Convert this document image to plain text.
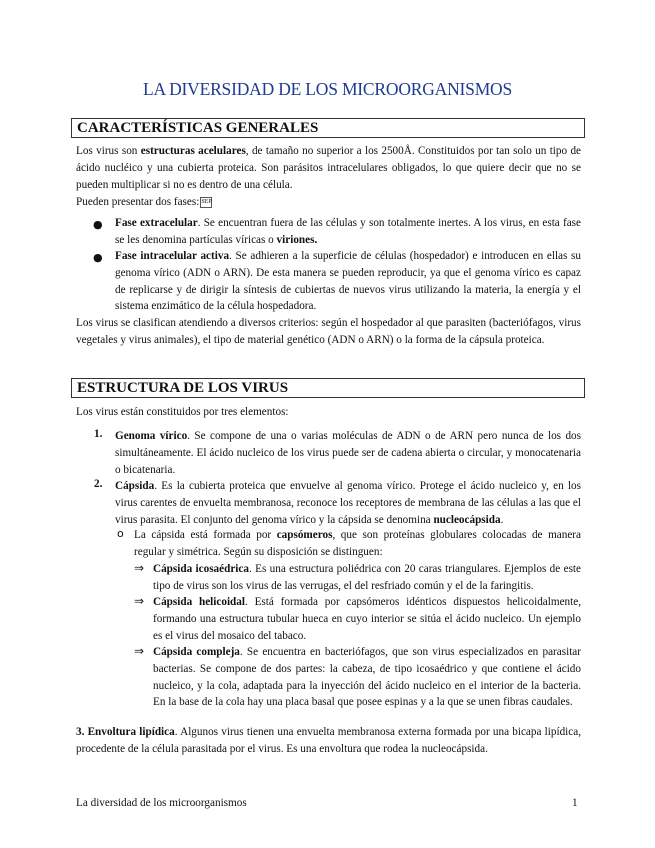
LA DIVERSIDAD DE LOS MICROORGANISMOS
CARACTERÍSTICAS GENERALES
Los virus son estructuras acelulares, de tamaño no superior a los 2500Å. Constituidos por tan solo un tipo de ácido nucléico y una cubierta proteica. Son parásitos intracelulares obligados, lo que quiere decir que no se pueden multiplicar si no es dentro de una célula.
Pueden presentar dos fases: SEP
● Fase extracelular. Se encuentran fuera de las células y son totalmente inertes. A los virus, en esta fase se les denomina partículas víricas o viriones.
● Fase intracelular activa. Se adhieren a la superficie de células (hospedador) e introducen en ellas su genoma vírico (ADN o ARN). De esta manera se pueden reproducir, ya que el genoma vírico es capaz de replicarse y de dirigir la síntesis de cubiertas de nuevos virus utilizando la materia, la energía y el sistema enzimático de la célula hospedadora.
Los virus se clasifican atendiendo a diversos criterios: según el hospedador al que parasiten (bacteriófagos, virus vegetales y virus animales), el tipo de material genético (ADN o ARN) o la forma de la cápsula proteica.
ESTRUCTURA DE LOS VIRUS
Los virus están constituidos por tres elementos:
1. Genoma vírico. Se compone de una o varias moléculas de ADN o de ARN pero nunca de los dos simultáneamente. El ácido nucleico de los virus puede ser de cadena abierta o circular, y monocatenaria o bicatenaria.
2. Cápsida. Es la cubierta proteica que envuelve al genoma vírico. Protege el ácido nucleico y, en los virus carentes de envuelta membranosa, reconoce los receptores de membrana de las células a las que el virus parasita. El conjunto del genoma vírico y la cápsida se denomina nucleocápsida.
o La cápsida está formada por capsómeros, que son proteínas globulares colocadas de manera regular y simétrica. Según su disposición se distinguen:
⇒ Cápsida icosaédrica. Es una estructura poliédrica con 20 caras triangulares. Ejemplos de este tipo de virus son los virus de las verrugas, el del resfriado común y el de la faringitis.
⇒ Cápsida helicoidal. Está formada por capsómeros idénticos dispuestos helicoidalmente, formando una estructura tubular hueca en cuyo interior se sitúa el ácido nucleico. Un ejemplo es el virus del mosaico del tabaco.
⇒ Cápsida compleja. Se encuentra en bacteriófagos, que son virus especializados en parasitar bacterias. Se compone de dos partes: la cabeza, de tipo icosaédrico y que contiene el ácido nucleico, y la cola, adaptada para la inyección del ácido nucleico en el interior de la bacteria. En la base de la cola hay una placa basal que posee espinas y a la que se unen fibras caudales.
3. Envoltura lipídica. Algunos virus tienen una envuelta membranosa externa formada por una bicapa lipídica, procedente de la célula parasitada por el virus. Es una envoltura que rodea la nucleocápsida.
La diversidad de los microorganismos	1
